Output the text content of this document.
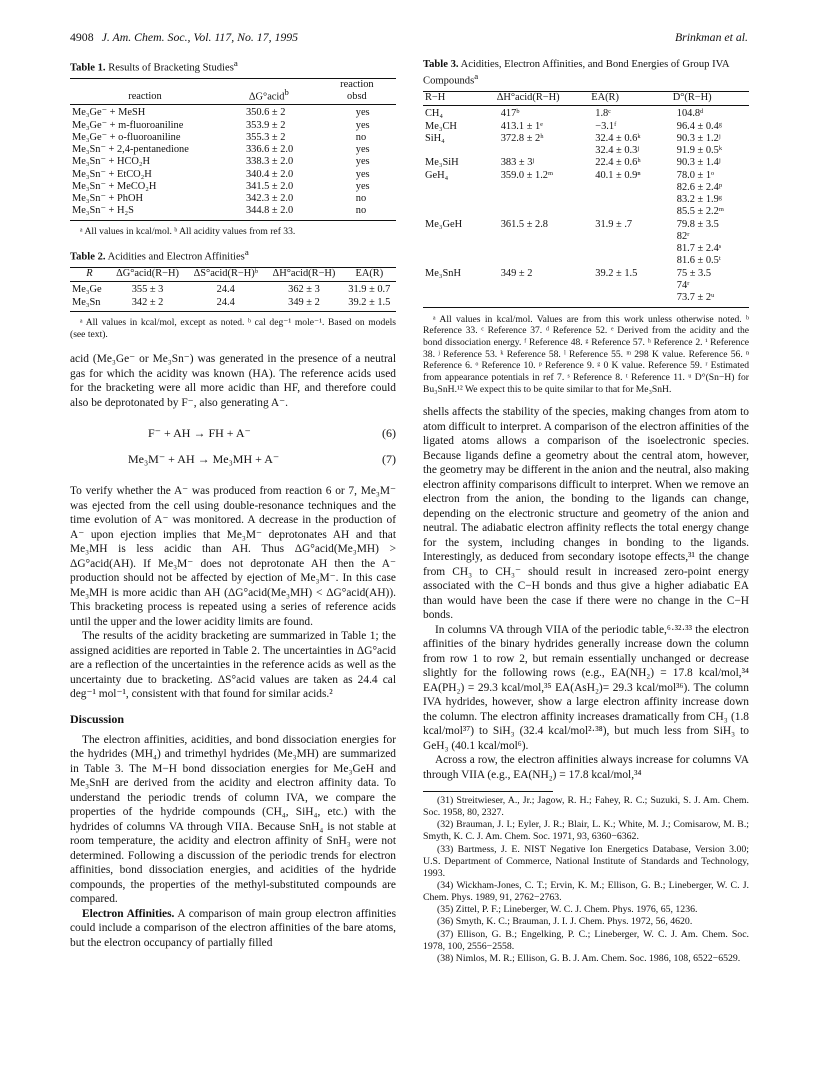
4908 J. Am. Chem. Soc., Vol. 117, No. 17, 1995	Brinkman et al.
Table 1. Results of Bracketing Studies$^a$
reaction	ΔG°acid$^b$	reaction
obsd

Me₃Ge⁻ + MeSH	350.6 ± 2	yes
Me₃Ge⁻ + m-fluoroaniline	353.9 ± 2	yes
Me₃Ge⁻ + o-fluoroaniline	355.3 ± 2	no
Me₃Sn⁻ + 2,4-pentanedione	336.6 ± 2.0	yes
Me₃Sn⁻ + HCO₂H	338.3 ± 2.0	yes
Me₃Sn⁻ + EtCO₂H	340.4 ± 2.0	yes
Me₃Sn⁻ + MeCO₂H	341.5 ± 2.0	yes
Me₃Sn⁻ + PhOH	342.3 ± 2.0	no
Me₃Sn⁻ + H₂S	344.8 ± 2.0	no
ᵃ All values in kcal/mol. ᵇ All acidity values from ref 33.
Table 2. Acidities and Electron Affinities$^a$
R	ΔG°acid(R−H)	ΔS°acid(R−H)ᵇ	ΔH°acid(R−H)	EA(R)
Me₃Ge	355 ± 3	24.4	362 ± 3	31.9 ± 0.7
Me₃Sn	342 ± 2	24.4	349 ± 2	39.2 ± 1.5
ᵃ All values in kcal/mol, except as noted. ᵇ cal deg⁻¹ mole⁻¹. Based on models (see text).

acid (Me₃Ge⁻ or Me₃Sn⁻) was generated in the presence of a neutral gas for which the acidity was known (HA). The reference acids used for the bracketing were all more acidic than HF, and therefore could also be deprotonated by F⁻, also generating A⁻.

F⁻ + AH → FH + A⁻	(6)
Me₃M⁻ + AH → Me₃MH + A⁻	(7)

To verify whether the A⁻ was produced from reaction 6 or 7, Me₃M⁻ was ejected from the cell using double-resonance techniques and the time evolution of A⁻ was monitored. A decrease in the production of A⁻ upon ejection implies that Me₃M⁻ deprotonates AH and that Me₃MH is less acidic than AH. Thus ΔG°acid(Me₃MH) > ΔG°acid(AH). If Me₃M⁻ does not deprotonate AH then the A⁻ production should not be affected by ejection of Me₃M⁻. In this case Me₃MH is more acidic than AH (ΔG°acid(Me₃MH) < ΔG°acid(AH)). This bracketing process is repeated using a series of reference acids until the upper and the lower acidity limits are found.

The results of the acidity bracketing are summarized in Table 1; the assigned acidities are reported in Table 2. The uncertainties in ΔG°acid are a reflection of the uncertainties in the reference acids as well as the uncertainty due to bracketing. ΔS°acid values are taken as 24.4 cal deg⁻¹ mol⁻¹, consistent with that found for similar acids.²

Discussion

The electron affinities, acidities, and bond dissociation energies for the hydrides (MH₄) and trimethyl hydrides (Me₃MH) are summarized in Table 3. The M−H bond dissociation energies for Me₃GeH and Me₃SnH are derived from the acidity and electron affinity data. To understand the periodic trends of column IVA, we compare the properties of the hydride compounds (CH₄, SiH₄, etc.) with the hydrides of columns VA through VIIA. Because SnH₄ is not stable at room temperature, the acidity and electron affinity of SnH₃ were not determined. Following a discussion of the periodic trends for electron affinities, bond dissociation energies, and acidities of the hydride compounds, the properties of the methyl-substituted compounds are compared.

Electron Affinities. A comparison of main group electron affinities could include a comparison of the electron affinities of the bare atoms, but the electron occupancy of partially filled

Table 3. Acidities, Electron Affinities, and Bond Energies of Group IVA Compounds$^a$
R−H	ΔH°acid(R−H)	EA(R)	D°(R−H)
CH₄	417ᵇ	1.8ᶜ	104.8ᵈ
Me₃CH	413.1 ± 1ᵉ	−3.1ᶠ	96.4 ± 0.4ᵍ
SiH₄	372.8 ± 2ʰ	32.4 ± 0.6ᵏ	90.3 ± 1.2ʲ
		32.4 ± 0.3ʲ	91.9 ± 0.5ᵏ
Me₃SiH	383 ± 3ʲ	22.4 ± 0.6ʰ	90.3 ± 1.4ʲ
GeH₄	359.0 ± 1.2ᵐ	40.1 ± 0.9ⁿ	78.0 ± 1ᵒ
			82.6 ± 2.4ᵖ
			83.2 ± 1.9ᵍ
			85.5 ± 2.2ᵐ
Me₃GeH	361.5 ± 2.8	31.9 ± .7	79.8 ± 3.5
			82ʳ
			81.7 ± 2.4ˢ
			81.6 ± 0.5ᵗ
Me₃SnH	349 ± 2	39.2 ± 1.5	75 ± 3.5
			74ʳ
			73.7 ± 2ᵘ
ᵃ All values in kcal/mol. Values are from this work unless otherwise noted. ᵇ Reference 33. ᶜ Reference 37. ᵈ Reference 52. ᵉ Derived from the acidity and the bond dissociation energy. ᶠ Reference 48. ᵍ Reference 57. ʰ Reference 2. ⁱ Reference 38. ʲ Reference 53. ᵏ Reference 58. ˡ Reference 55. ᵐ 298 K value. Reference 56. ⁿ Reference 6. ᵒ Reference 10. ᵖ Reference 9. ᵍ 0 K value. Reference 59. ʳ Estimated from appearance potentials in ref 7. ˢ Reference 8. ᵗ Reference 11. ᵘ D°(Sn−H) for Bu₃SnH.¹² We expect this to be quite similar to that for Me₃SnH.

shells affects the stability of the species, making changes from atom to atom difficult to interpret. A comparison of the electron affinities of the ligated atoms allows a comparison of the isoelectronic species. Because ligands define a geometry about the central atom, however, the geometry may be different in the anion and the neutral, also making electron affinity comparisons difficult to interpret. When we remove an electron from the anion, the bonding to the ligands can change, depending on the electronic structure and geometry of the anion and neutral. The adiabatic electron affinity reflects the total energy change for the system, including changes in bonding to the ligands. Interestingly, as deduced from secondary isotope effects,³¹ the change from CH₃ to CH₃⁻ should result in increased zero-point energy associated with the C−H bonds and thus give a higher adiabatic EA than would have been the case if there were no change in the C−H bonds.

In columns VA through VIIA of the periodic table,⁶·³²·³³ the electron affinities of the binary hydrides generally increase down the column from row 1 to row 2, but remain essentially unchanged or decrease slightly for the following rows (e.g., EA(NH₂) = 17.8 kcal/mol,³⁴ EA(PH₂) = 29.3 kcal/mol,³⁵ EA(AsH₂)= 29.3 kcal/mol³⁶). The column IVA hydrides, however, show a large electron affinity increase down the column. The electron affinity increases dramatically from CH₃ (1.8 kcal/mol³⁷) to SiH₃ (32.4 kcal/mol²·³⁸), but much less from SiH₃ to GeH₃ (40.1 kcal/mol⁶).

Across a row, the electron affinities always increase for columns VA through VIIA (e.g., EA(NH₂) = 17.8 kcal/mol,³⁴

(31) Streitwieser, A., Jr.; Jagow, R. H.; Fahey, R. C.; Suzuki, S. J. Am. Chem. Soc. 1958, 80, 2327.

(32) Brauman, J. I.; Eyler, J. R.; Blair, L. K.; White, M. J.; Comisarow, M. B.; Smyth, K. C. J. Am. Chem. Soc. 1971, 93, 6360−6362.

(33) Bartmess, J. E. NIST Negative Ion Energetics Database, Version 3.00; U.S. Department of Commerce, National Institute of Standards and Technology, 1993.

(34) Wickham-Jones, C. T.; Ervin, K. M.; Ellison, G. B.; Lineberger, W. C. J. Chem. Phys. 1989, 91, 2762−2763.

(35) Zittel, P. F.; Lineberger, W. C. J. Chem. Phys. 1976, 65, 1236.

(36) Smyth, K. C.; Brauman, J. I. J. Chem. Phys. 1972, 56, 4620.

(37) Ellison, G. B.; Engelking, P. C.; Lineberger, W. C. J. Am. Chem. Soc. 1978, 100, 2556−2558.

(38) Nimlos, M. R.; Ellison, G. B. J. Am. Chem. Soc. 1986, 108, 6522−6529.
